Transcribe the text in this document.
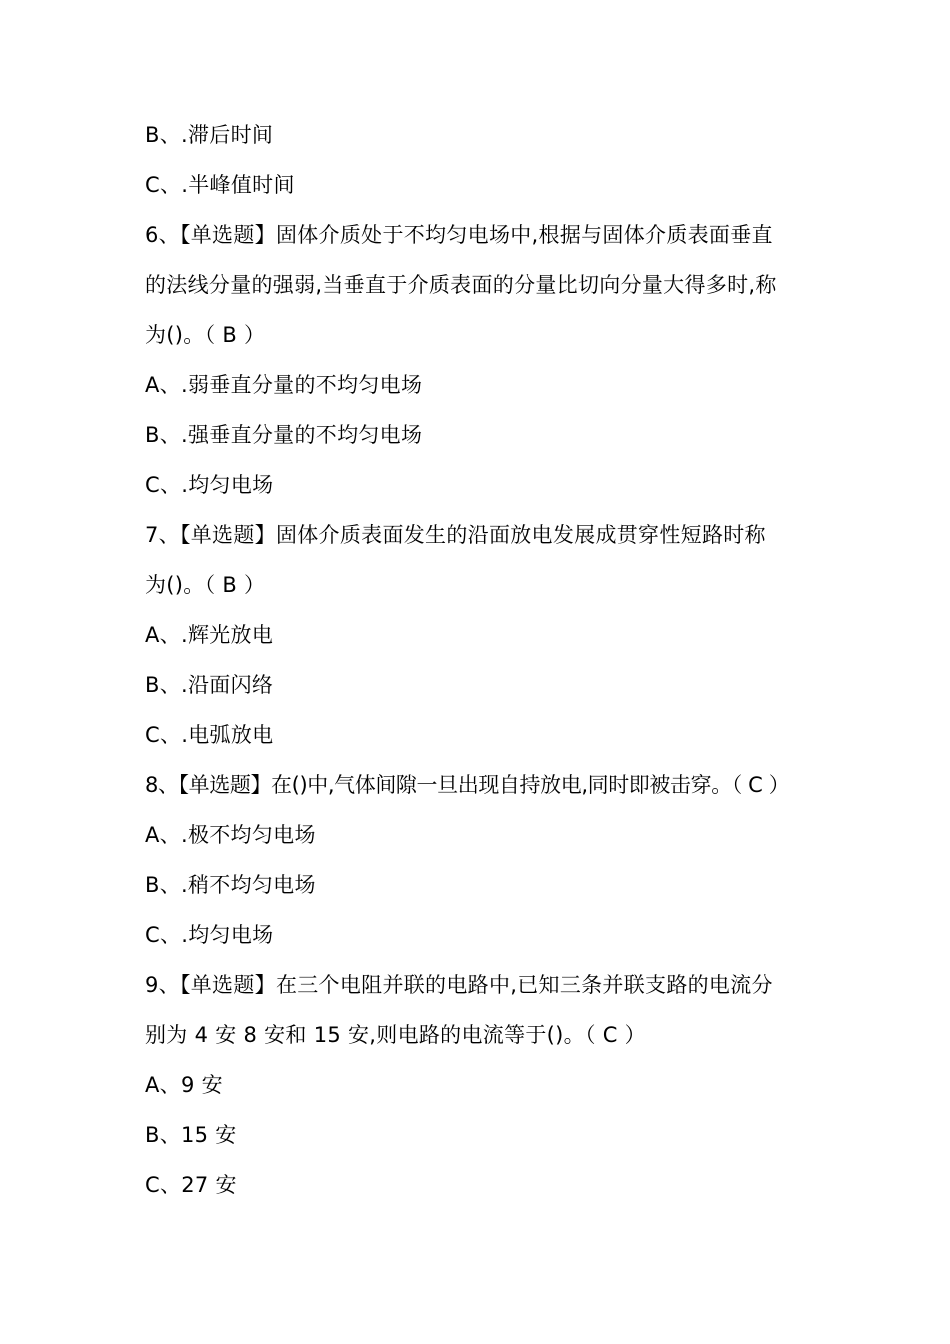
B、.滞后时间
C、.半峰值时间
6、【单选题】固体介质处于不均匀电场中,根据与固体介质表面垂直
的法线分量的强弱,当垂直于介质表面的分量比切向分量大得多时,称
为()。（ B ）
A、.弱垂直分量的不均匀电场
B、.强垂直分量的不均匀电场
C、.均匀电场
7、【单选题】固体介质表面发生的沿面放电发展成贯穿性短路时称
为()。（ B ）
A、.辉光放电
B、.沿面闪络
C、.电弧放电
8、【单选题】在()中,气体间隙一旦出现自持放电,同时即被击穿。（ C ）
A、.极不均匀电场
B、.稍不均匀电场
C、.均匀电场
9、【单选题】在三个电阻并联的电路中,已知三条并联支路的电流分
别为 4 安 8 安和 15 安,则电路的电流等于()。（ C ）
A、9 安
B、15 安
C、27 安
